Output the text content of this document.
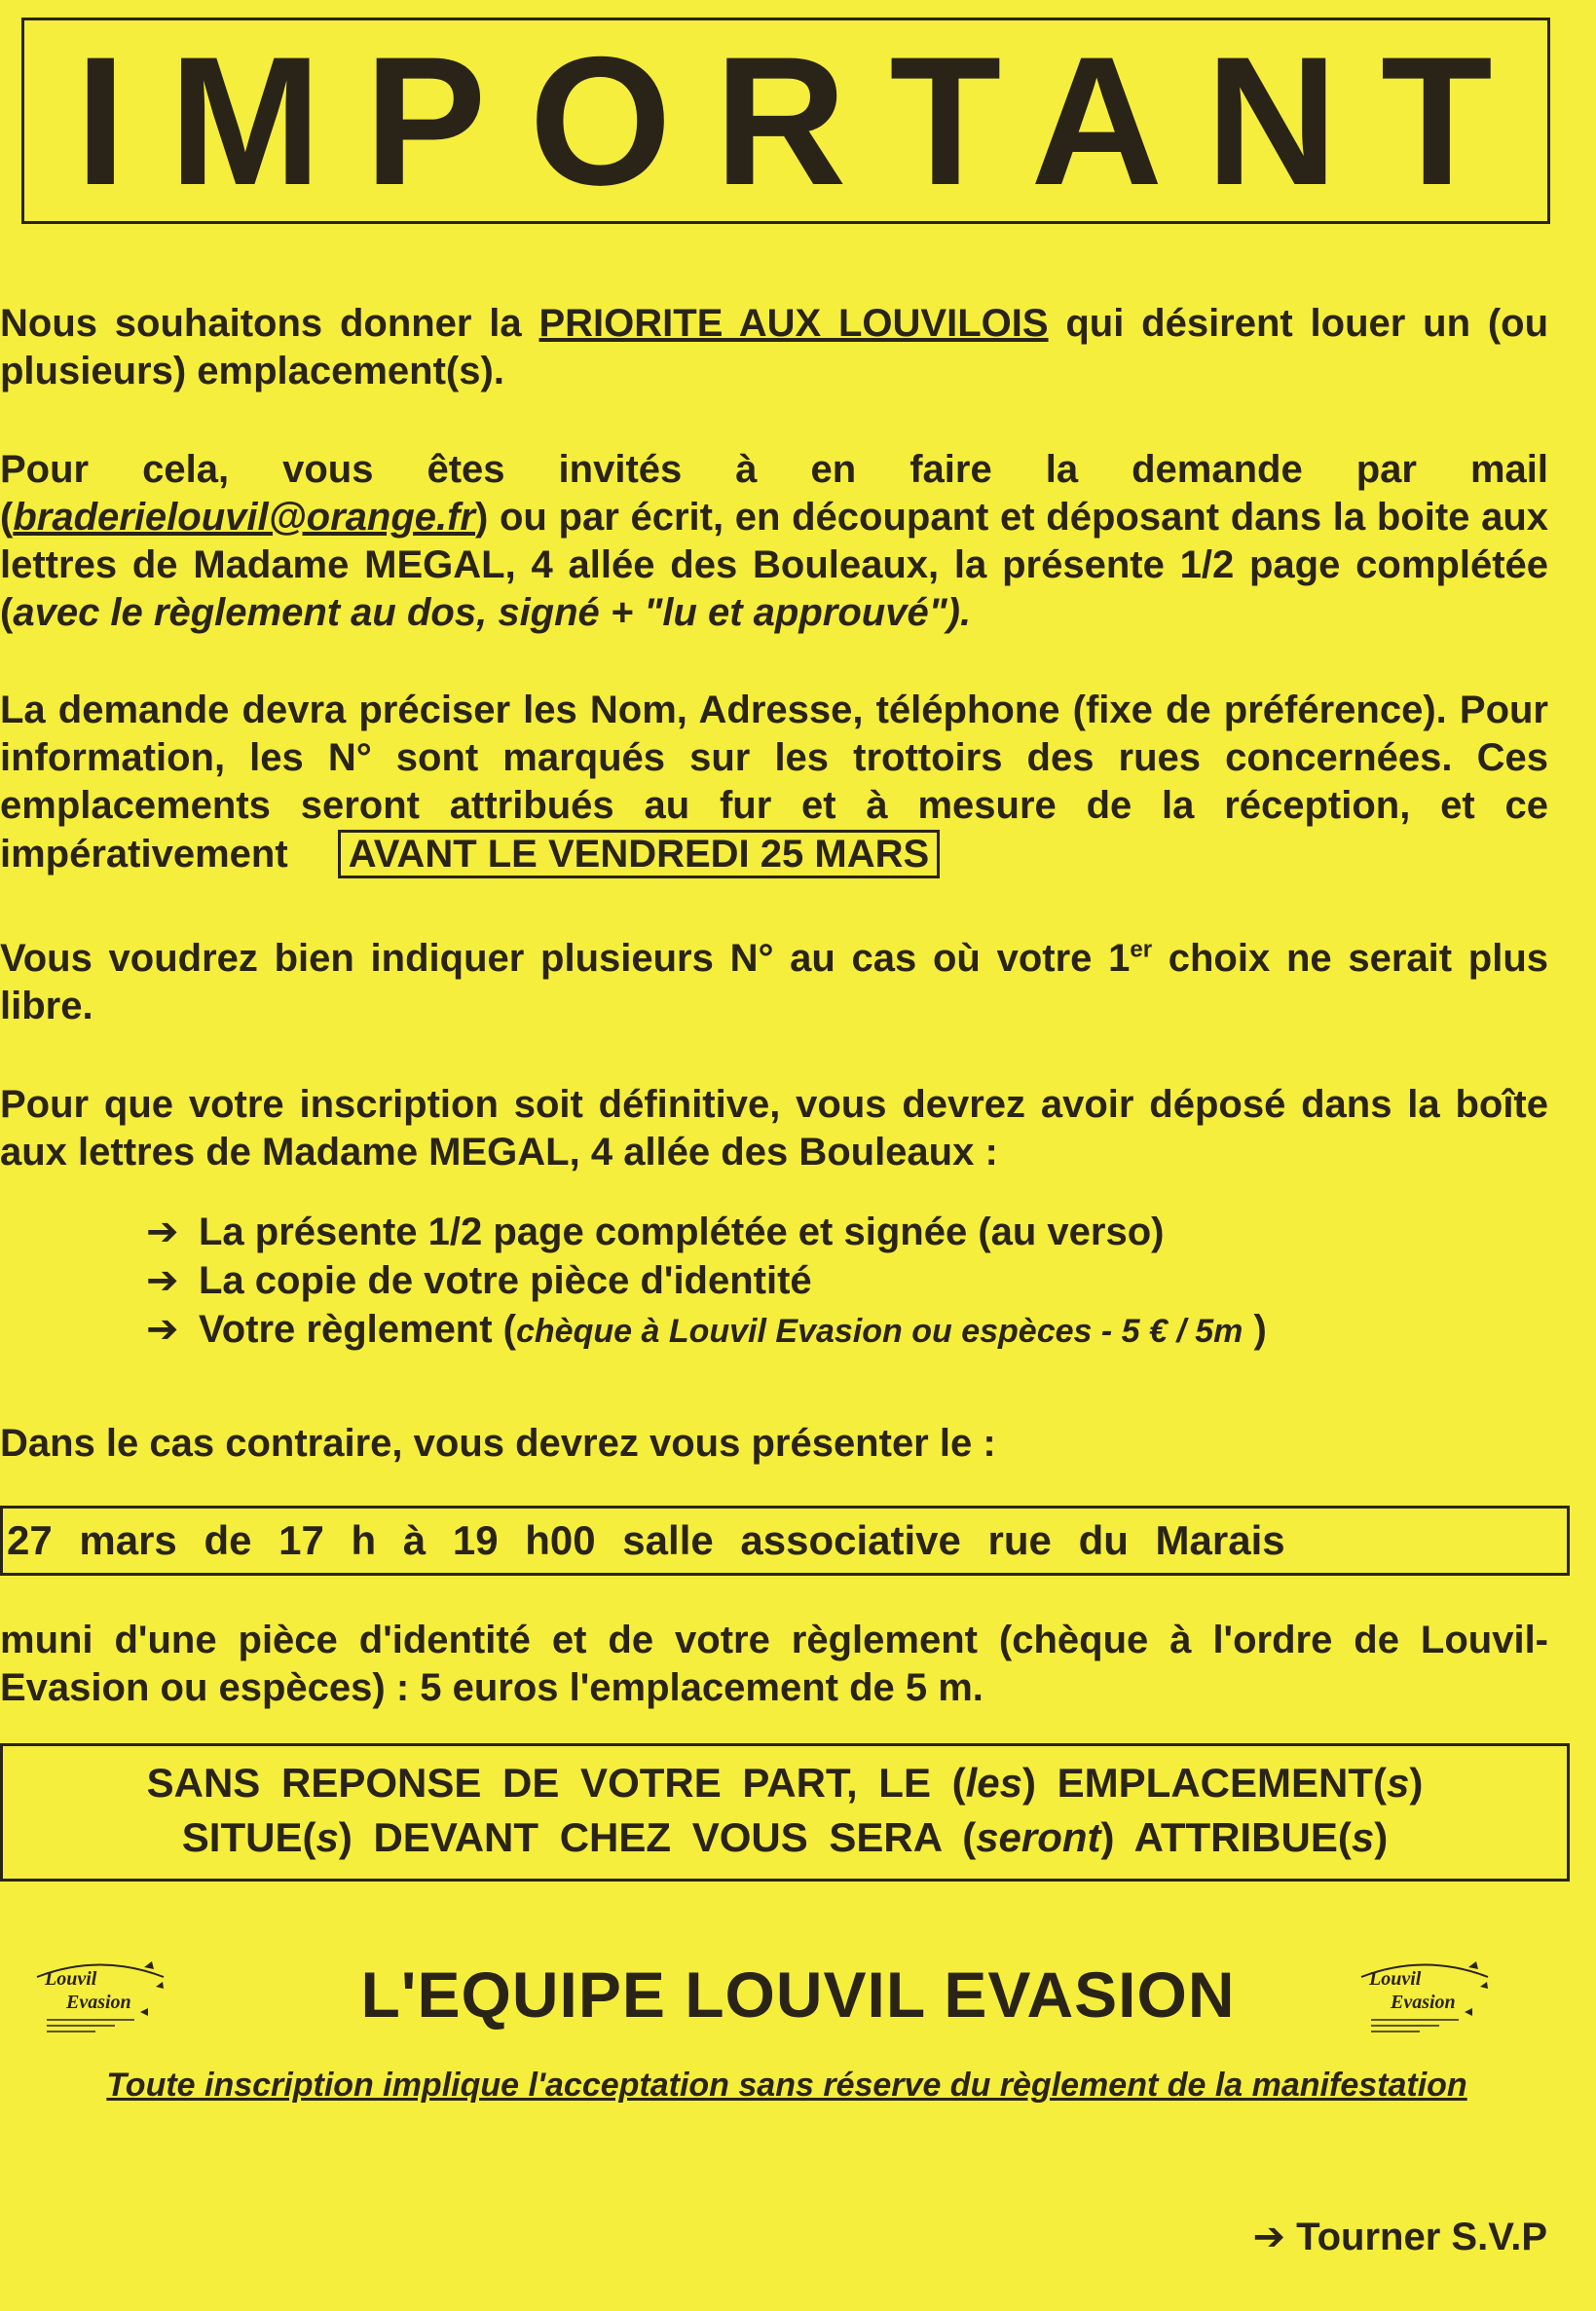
IMPORTANT

Nous souhaitons donner la PRIORITE AUX LOUVILOIS qui désirent louer un (ou plusieurs) emplacement(s).

Pour cela, vous êtes invités à en faire la demande par mail (braderielouvil@orange.fr) ou par écrit, en découpant et déposant dans la boite aux lettres de Madame MEGAL, 4 allée des Bouleaux, la présente 1/2 page complétée (avec le règlement au dos, signé + "lu et approuvé").

La demande devra préciser les Nom, Adresse, téléphone (fixe de préférence). Pour information, les N° sont marqués sur les trottoirs des rues concernées. Ces emplacements seront attribués au fur et à mesure de la réception, et ce impérativement AVANT LE VENDREDI 25 MARS

Vous voudrez bien indiquer plusieurs N° au cas où votre 1er choix ne serait plus libre.

Pour que votre inscription soit définitive, vous devrez avoir déposé dans la boîte aux lettres de Madame MEGAL, 4 allée des Bouleaux :

➔ La présente 1/2 page complétée et signée (au verso)
➔ La copie de votre pièce d'identité
➔ Votre règlement (chèque à Louvil Evasion ou espèces - 5 € / 5m )

Dans le cas contraire, vous devrez vous présenter le :

27 mars de 17 h à 19 h00 salle associative rue du Marais

muni d'une pièce d'identité et de votre règlement (chèque à l'ordre de Louvil-Evasion ou espèces) : 5 euros l'emplacement de 5 m.

SANS REPONSE DE VOTRE PART, LE (les) EMPLACEMENT(s)
SITUE(s) DEVANT CHEZ VOUS SERA (seront) ATTRIBUE(s)
Louvil
Evasion	L'EQUIPE LOUVIL EVASION	Louvil
Evasion
Toute inscription implique l'acceptation sans réserve du règlement de la manifestation
➔ Tourner S.V.P
